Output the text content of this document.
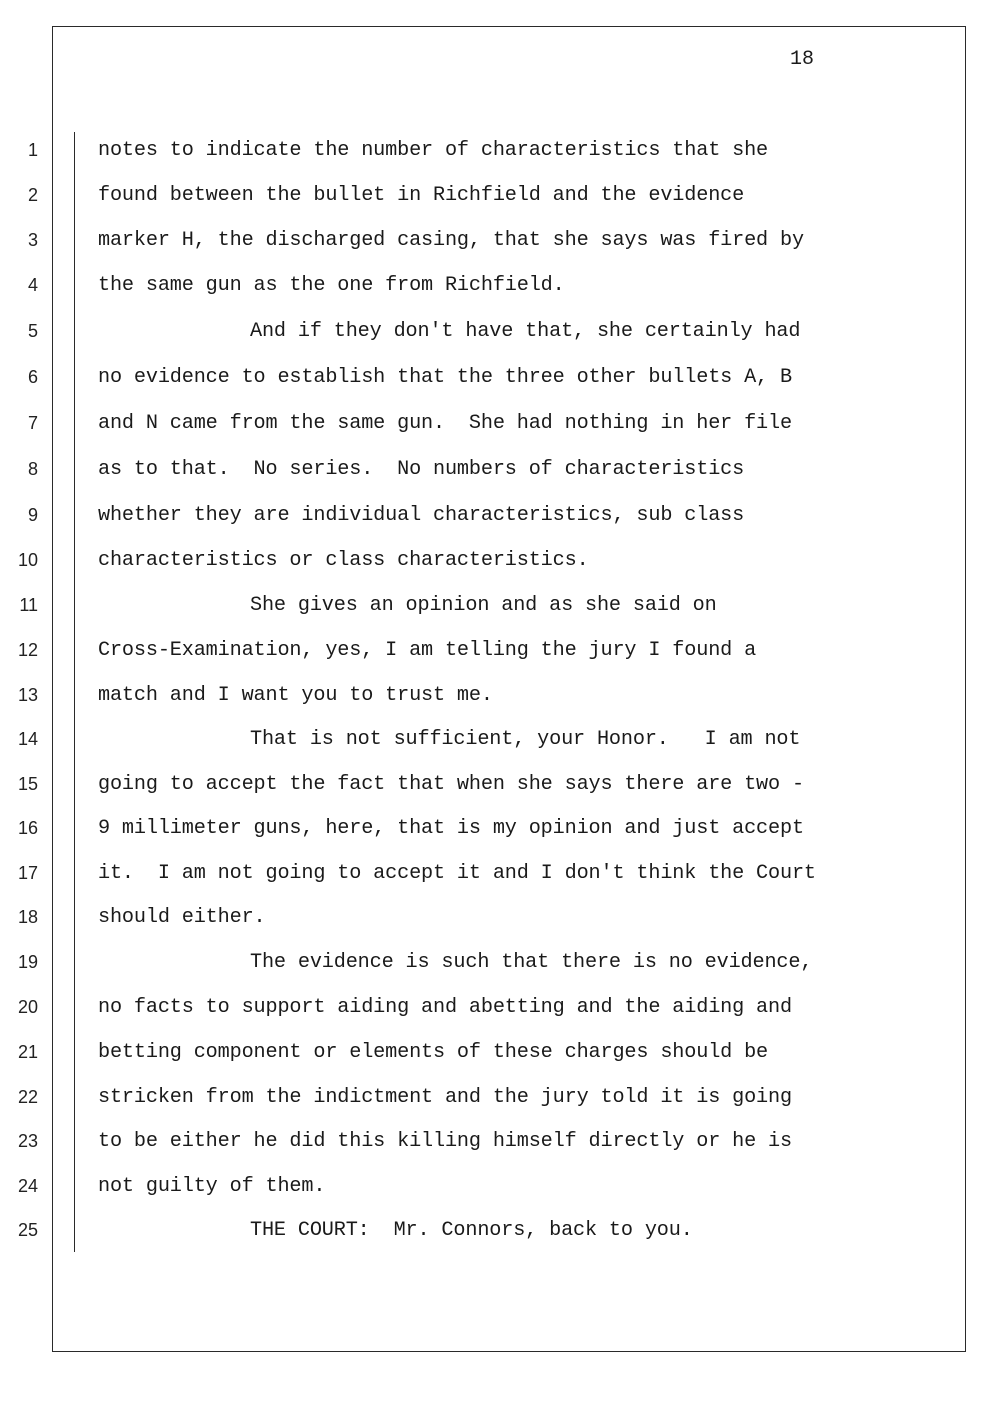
18
1
2
3
4
5
6
7
8
9
10
11
12
13
14
15
16
17
18
19
20
21
22
23
24
25
notes to indicate the number of characteristics that she
found between the bullet in Richfield and the evidence
marker H, the discharged casing, that she says was fired by
the same gun as the one from Richfield.
And if they don't have that, she certainly had
no evidence to establish that the three other bullets A, B
and N came from the same gun.  She had nothing in her file
as to that.  No series.  No numbers of characteristics
whether they are individual characteristics, sub class
characteristics or class characteristics.
She gives an opinion and as she said on
Cross-Examination, yes, I am telling the jury I found a
match and I want you to trust me.
That is not sufficient, your Honor.   I am not
going to accept the fact that when she says there are two -
9 millimeter guns, here, that is my opinion and just accept
it.  I am not going to accept it and I don't think the Court
should either.
The evidence is such that there is no evidence,
no facts to support aiding and abetting and the aiding and
betting component or elements of these charges should be
stricken from the indictment and the jury told it is going
to be either he did this killing himself directly or he is
not guilty of them.
THE COURT:  Mr. Connors, back to you.
